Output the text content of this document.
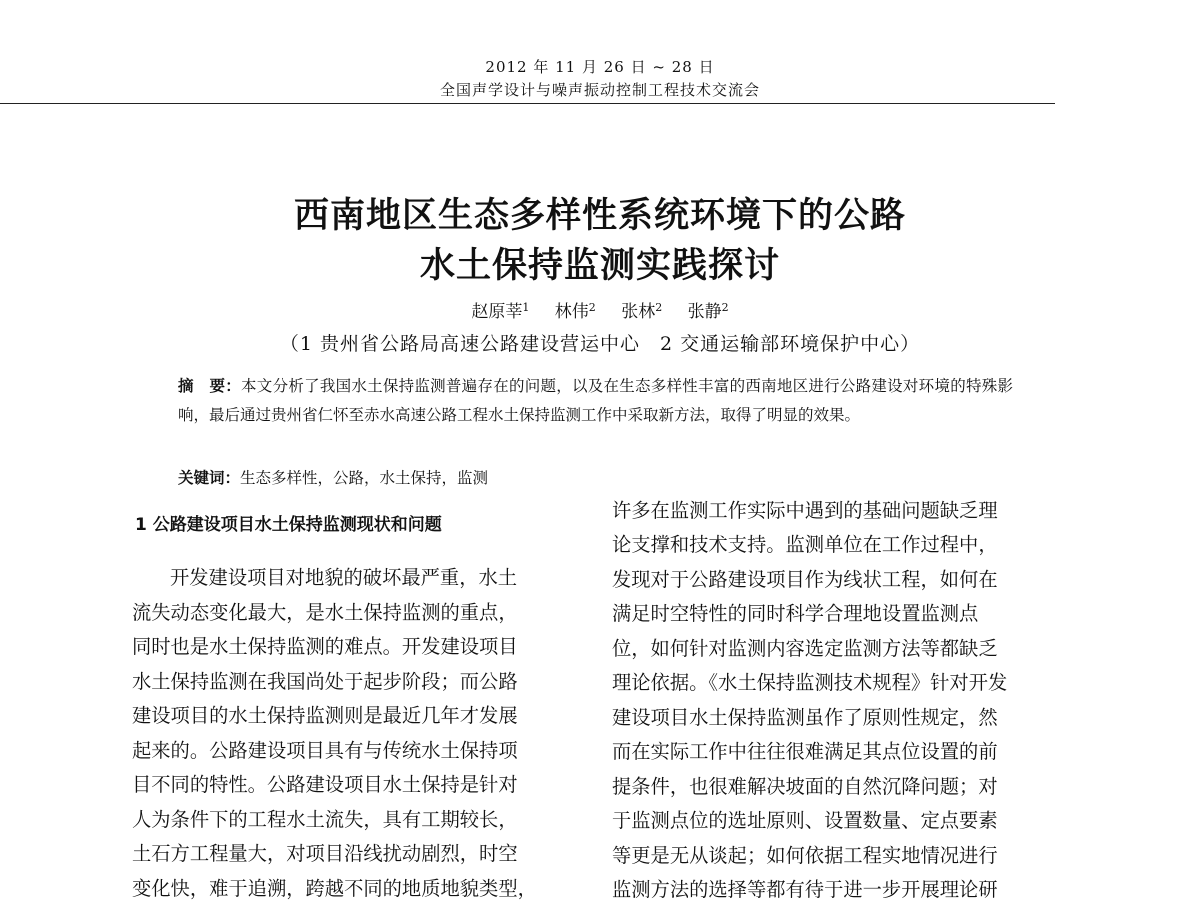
2012 年 11 月 26 日 ~ 28 日
全国声学设计与噪声振动控制工程技术交流会
西南地区生态多样性系统环境下的公路
水土保持监测实践探讨
赵原莘$^1$ 林伟$^2$ 张林$^2$ 张静$^2$
（1 贵州省公路局高速公路建设营运中心　2 交通运输部环境保护中心）
摘　要：本文分析了我国水土保持监测普遍存在的问题，以及在生态多样性丰富的西南地区进行公路建设对环境的特殊影响，最后通过贵州省仁怀至赤水高速公路工程水土保持监测工作中采取新方法，取得了明显的效果。
关键词：生态多样性，公路，水土保持，监测
1 公路建设项目水土保持监测现状和问题
开发建设项目对地貌的破坏最严重，水土
流失动态变化最大，是水土保持监测的重点，
同时也是水土保持监测的难点。开发建设项目
水土保持监测在我国尚处于起步阶段；而公路
建设项目的水土保持监测则是最近几年才发展
起来的。公路建设项目具有与传统水土保持项
目不同的特性。公路建设项目水土保持是针对
人为条件下的工程水土流失，具有工期较长，
土石方工程量大，对项目沿线扰动剧烈，时空
变化快，难于追溯，跨越不同的地质地貌类型，
许多在监测工作实际中遇到的基础问题缺乏理
论支撑和技术支持。监测单位在工作过程中，
发现对于公路建设项目作为线状工程，如何在
满足时空特性的同时科学合理地设置监测点
位，如何针对监测内容选定监测方法等都缺乏
理论依据。《水土保持监测技术规程》针对开发
建设项目水土保持监测虽作了原则性规定，然
而在实际工作中往往很难满足其点位设置的前
提条件，也很难解决坡面的自然沉降问题；对
于监测点位的选址原则、设置数量、定点要素
等更是无从谈起；如何依据工程实地情况进行
监测方法的选择等都有待于进一步开展理论研
